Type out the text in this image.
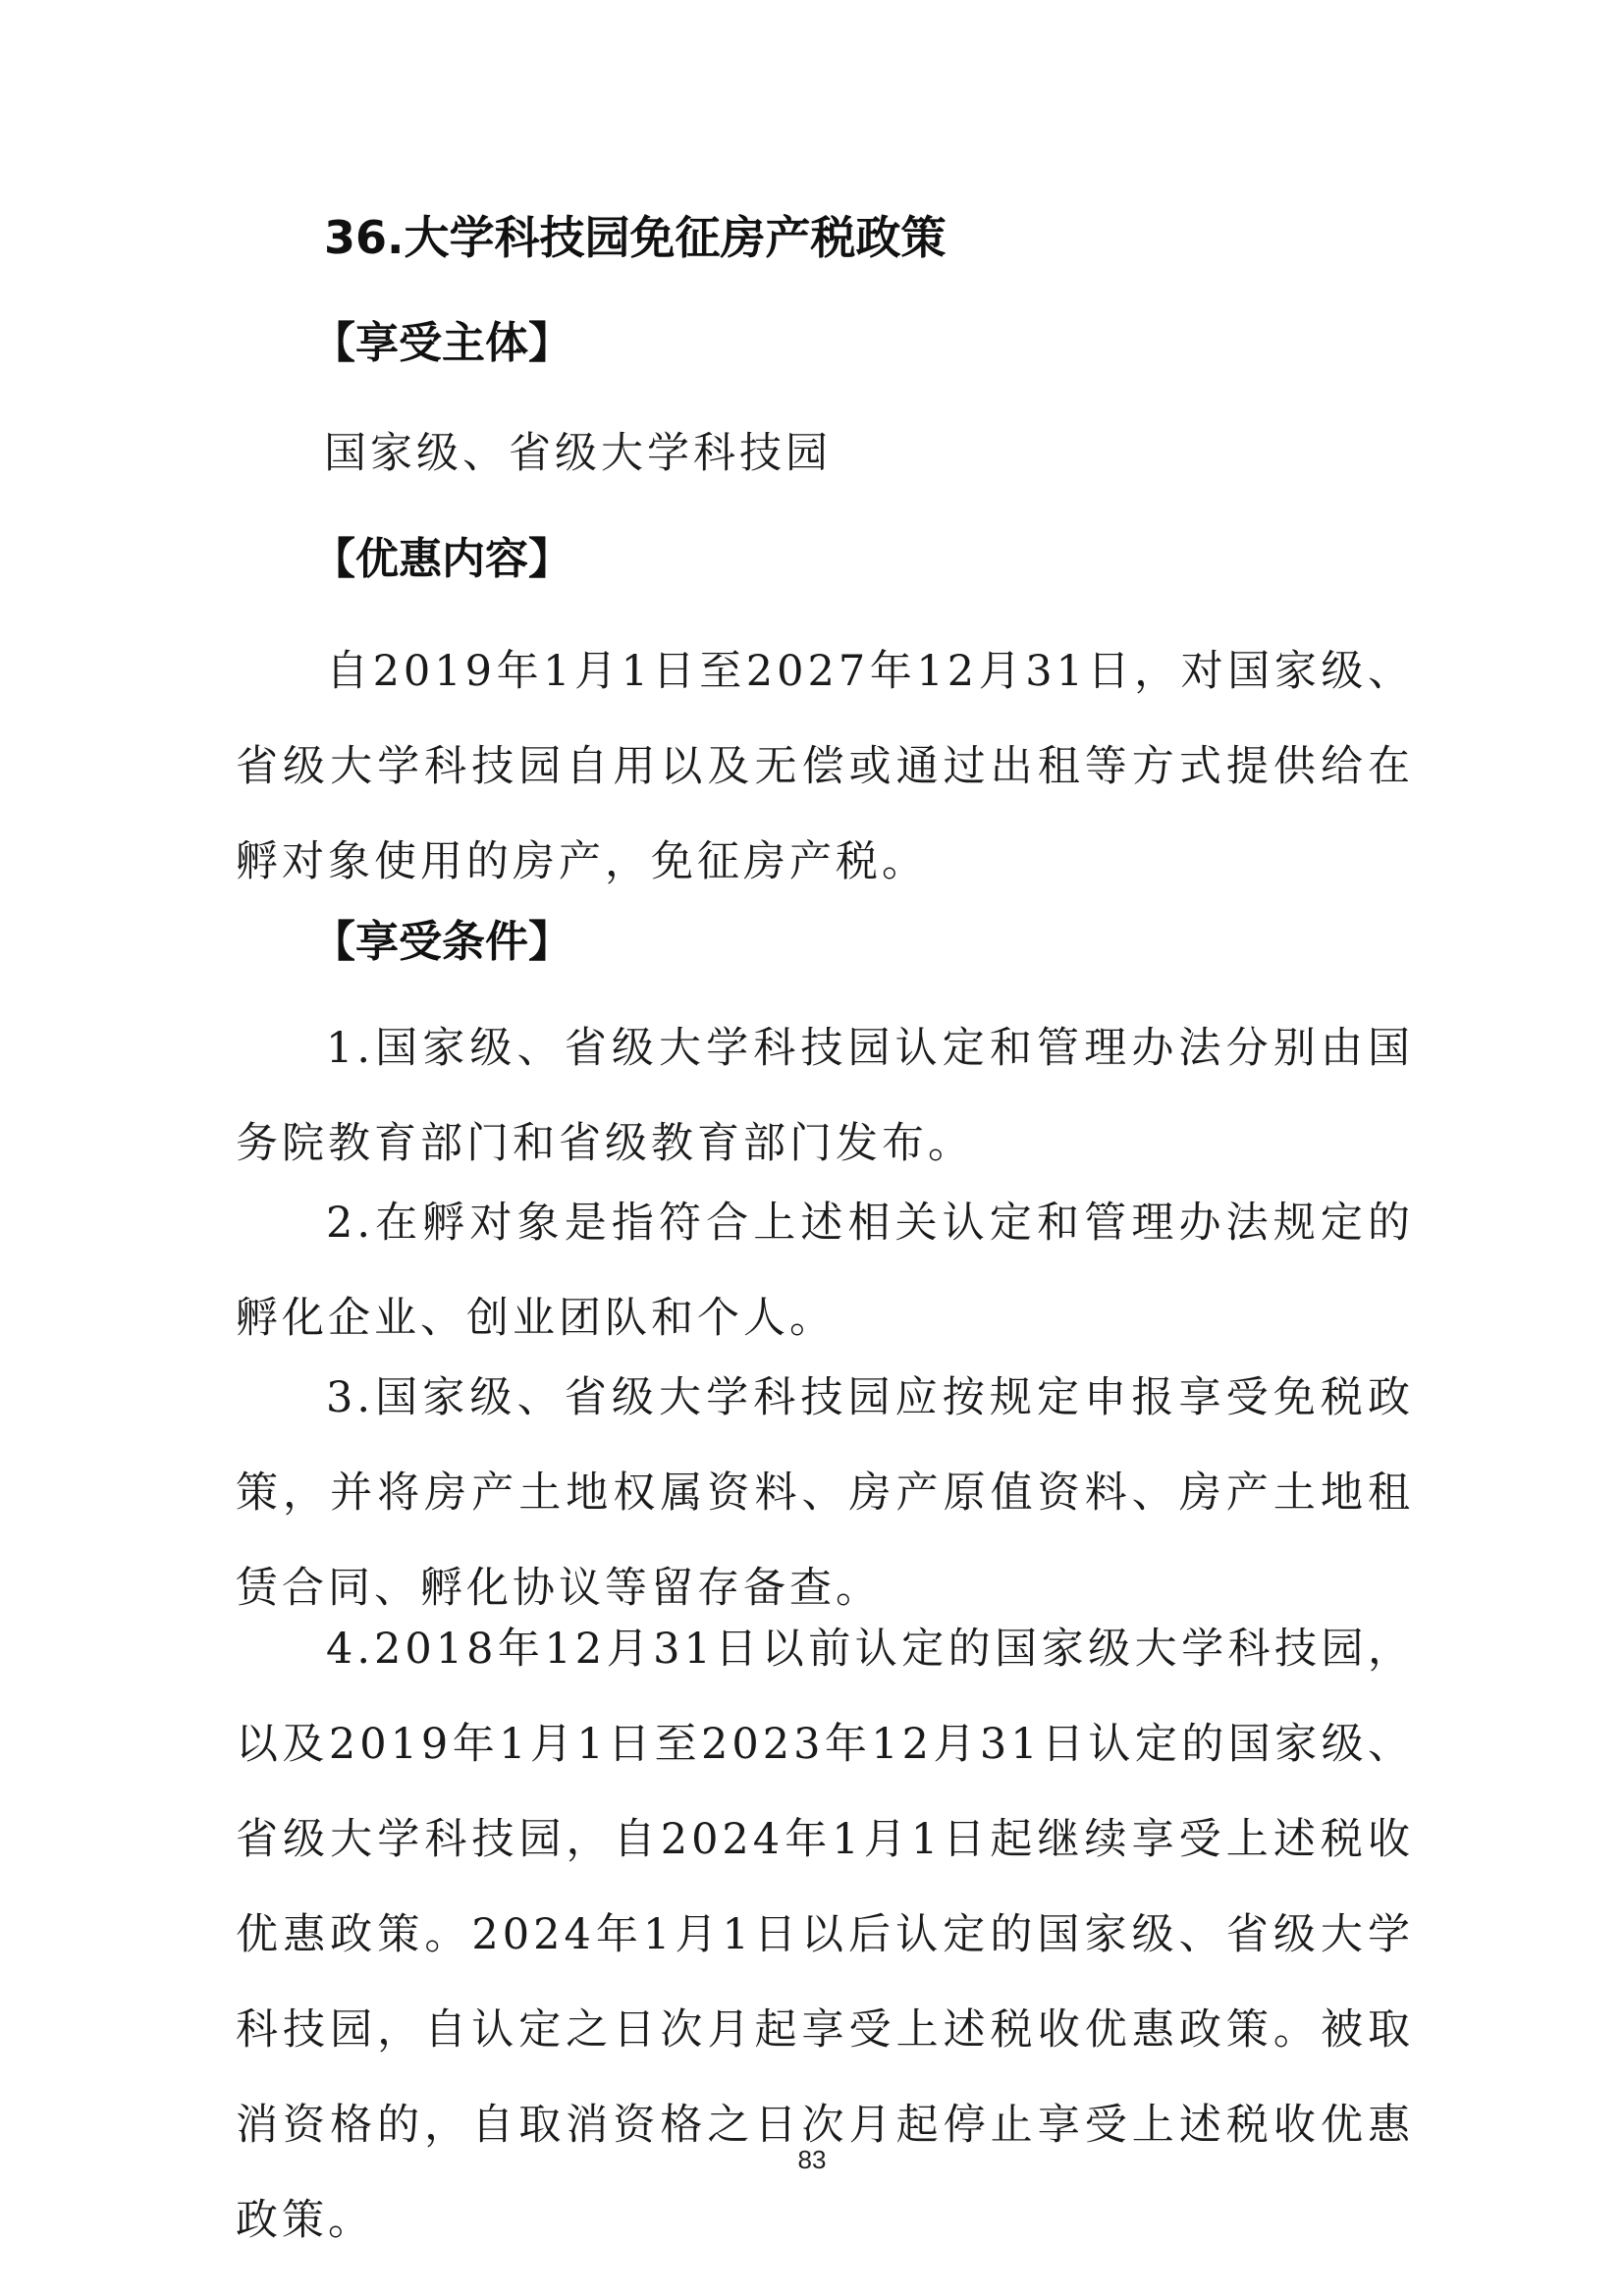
36.大学科技园免征房产税政策
【享受主体】
国家级、省级大学科技园
【优惠内容】
自2019年1月1日至2027年12月31日，对国家级、省级大学科技园自用以及无偿或通过出租等方式提供给在孵对象使用的房产，免征房产税。
【享受条件】
1.国家级、省级大学科技园认定和管理办法分别由国务院教育部门和省级教育部门发布。
2.在孵对象是指符合上述相关认定和管理办法规定的孵化企业、创业团队和个人。
3.国家级、省级大学科技园应按规定申报享受免税政策，并将房产土地权属资料、房产原值资料、房产土地租赁合同、孵化协议等留存备查。
4.2018年12月31日以前认定的国家级大学科技园，以及2019年1月1日至2023年12月31日认定的国家级、省级大学科技园，自2024年1月1日起继续享受上述税收优惠政策。2024年1月1日以后认定的国家级、省级大学科技园，自认定之日次月起享受上述税收优惠政策。被取消资格的，自取消资格之日次月起停止享受上述税收优惠政策。
83
